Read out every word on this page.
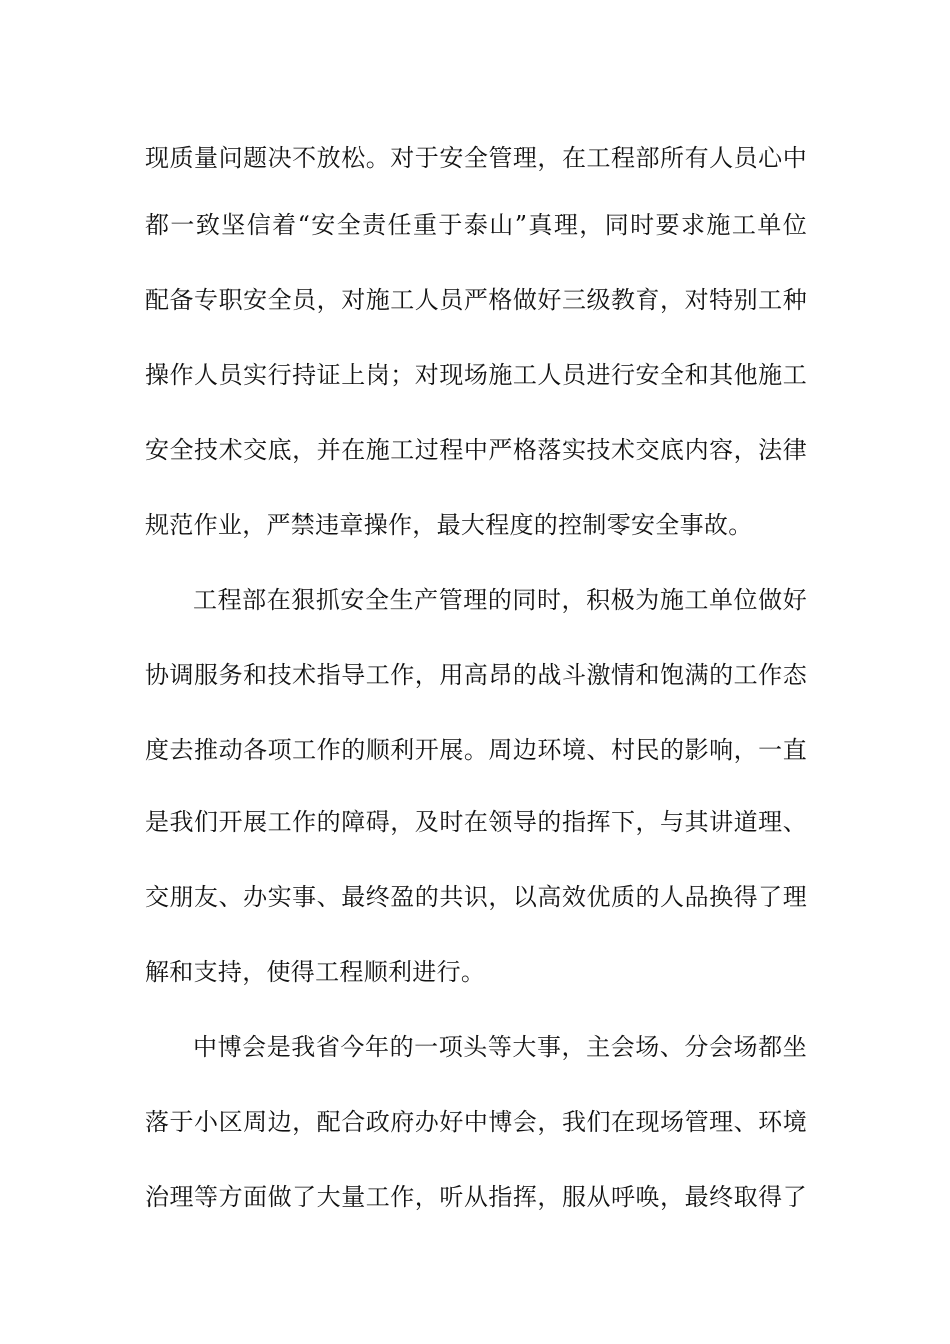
现质量问题决不放松。对于安全管理，在工程部所有人员心中
都一致坚信着“安全责任重于泰山”真理，同时要求施工单位
配备专职安全员，对施工人员严格做好三级教育，对特别工种
操作人员实行持证上岗；对现场施工人员进行安全和其他施工
安全技术交底，并在施工过程中严格落实技术交底内容，法律
规范作业，严禁违章操作，最大程度的控制零安全事故。
工程部在狠抓安全生产管理的同时，积极为施工单位做好
协调服务和技术指导工作，用高昂的战斗激情和饱满的工作态
度去推动各项工作的顺利开展。周边环境、村民的影响，一直
是我们开展工作的障碍，及时在领导的指挥下，与其讲道理、
交朋友、办实事、最终盈的共识，以高效优质的人品换得了理
解和支持，使得工程顺利进行。
中博会是我省今年的一项头等大事，主会场、分会场都坐
落于小区周边，配合政府办好中博会，我们在现场管理、环境
治理等方面做了大量工作，听从指挥，服从呼唤，最终取得了
